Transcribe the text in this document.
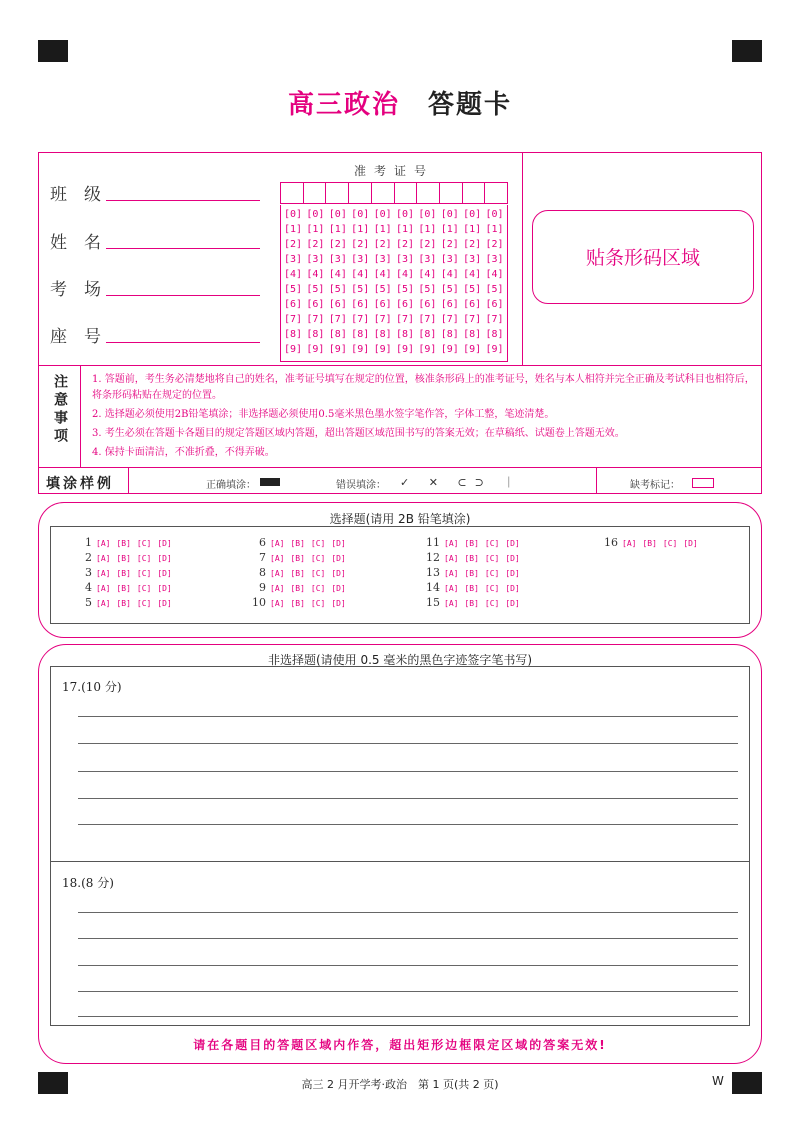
高三政治 答题卡
班　级
姓　名
考　场
座　号
准考证号
[0] [0] [0] [0] [0] [0] [0] [0] [0] [0]
[1] [1] [1] [1] [1] [1] [1] [1] [1] [1]
[2] [2] [2] [2] [2] [2] [2] [2] [2] [2]
[3] [3] [3] [3] [3] [3] [3] [3] [3] [3]
[4] [4] [4] [4] [4] [4] [4] [4] [4] [4]
[5] [5] [5] [5] [5] [5] [5] [5] [5] [5]
[6] [6] [6] [6] [6] [6] [6] [6] [6] [6]
[7] [7] [7] [7] [7] [7] [7] [7] [7] [7]
[8] [8] [8] [8] [8] [8] [8] [8] [8] [8]
[9] [9] [9] [9] [9] [9] [9] [9] [9] [9]
贴条形码区域
注意事项 1. 答题前，考生务必清楚地将自己的姓名，准考证号填写在规定的位置，核准条形码上的准考证号，姓名与本人相符并完全正确及考试科目也相符后，将条形码粘贴在规定的位置。

2. 选择题必须使用2B铅笔填涂；非选择题必须使用0.5毫米黑色墨水签字笔作答，字体工整，笔迹清楚。

3. 考生必须在答题卡各题目的规定答题区域内答题，超出答题区域范围书写的答案无效；在草稿纸、试题卷上答题无效。

4. 保持卡面清洁，不准折叠，不得弄破。

填涂样例	正确填涂：	错误填涂： ✓ ✕ ⊂⊃ ｜	缺考标记：
选择题(请用 2B 铅笔填涂)
1 [A] [B] [C] [D]
2 [A] [B] [C] [D]
3 [A] [B] [C] [D]
4 [A] [B] [C] [D]
5 [A] [B] [C] [D]
6 [A] [B] [C] [D]
7 [A] [B] [C] [D]
8 [A] [B] [C] [D]
9 [A] [B] [C] [D]
10 [A] [B] [C] [D]
11 [A] [B] [C] [D]
12 [A] [B] [C] [D]
13 [A] [B] [C] [D]
14 [A] [B] [C] [D]
15 [A] [B] [C] [D]
16 [A] [B] [C] [D]
非选择题(请使用 0.5 毫米的黑色字迹签字笔书写)
17.(10 分)
18.(8 分)
请在各题目的答题区域内作答，超出矩形边框限定区域的答案无效!
高三 2 月开学考·政治　第 1 页(共 2 页)	W
